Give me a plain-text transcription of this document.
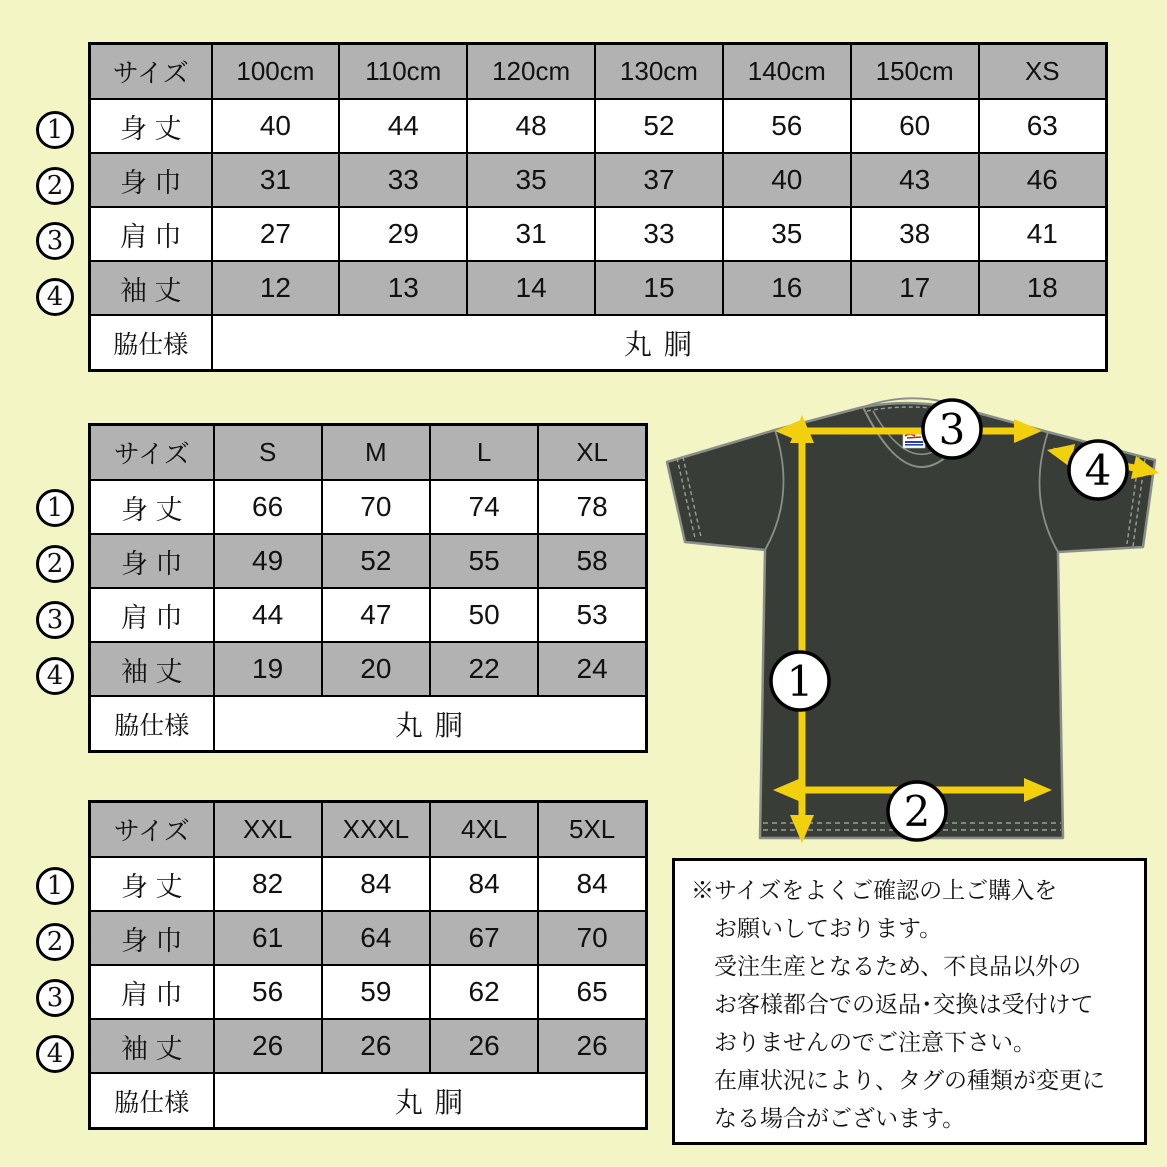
サイズ	100cm	110cm	120cm	130cm	140cm	150cm	XS
身 丈	40	44	48	52	56	60	63
身 巾	31	33	35	37	40	43	46
肩 巾	27	29	31	33	35	38	41
袖 丈	12	13	14	15	16	17	18
脇仕様	丸 胴						
サイズ	S	M	L	XL
身 丈	66	70	74	78
身 巾	49	52	55	58
肩 巾	44	47	50	53
袖 丈	19	20	22	24
脇仕様	丸 胴			
サイズ	XXL	XXXL	4XL	5XL
身 丈	82	84	84	84
身 巾	61	64	67	70
肩 巾	56	59	62	65
袖 丈	26	26	26	26
脇仕様	丸 胴			
1
2
3
4
1
2
3
4
1
2
3
4
3
4
1
2
※サイズをよくご確認の上ご購入を
お願いしております。
受注生産となるため、不良品以外の
お客様都合での返品･交換は受付けて
おりませんのでご注意下さい。
在庫状況により、タグの種類が変更に
なる場合がございます。
